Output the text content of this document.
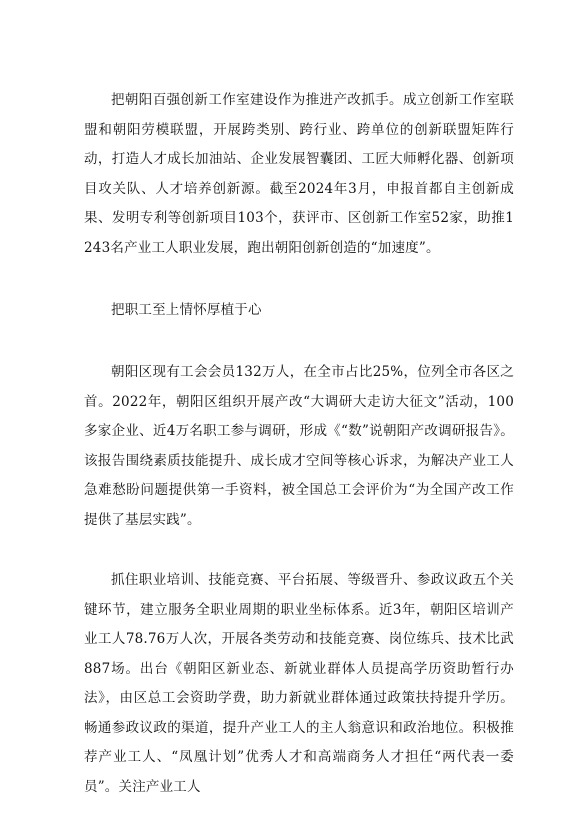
把朝阳百强创新工作室建设作为推进产改抓手。成立创新工作室联盟和朝阳劳模联盟，开展跨类别、跨行业、跨单位的创新联盟矩阵行动，打造人才成长加油站、企业发展智囊团、工匠大师孵化器、创新项目攻关队、人才培养创新源。截至2024年3月，申报首都自主创新成果、发明专利等创新项目103个，获评市、区创新工作室52家，助推1243名产业工人职业发展，跑出朝阳创新创造的“加速度”。

把职工至上情怀厚植于心

朝阳区现有工会会员132万人，在全市占比25%，位列全市各区之首。2022年，朝阳区组织开展产改“大调研大走访大征文”活动，100多家企业、近4万名职工参与调研，形成《“数”说朝阳产改调研报告》。该报告围绕素质技能提升、成长成才空间等核心诉求，为解决产业工人急难愁盼问题提供第一手资料，被全国总工会评价为“为全国产改工作提供了基层实践”。

抓住职业培训、技能竞赛、平台拓展、等级晋升、参政议政五个关键环节，建立服务全职业周期的职业坐标体系。近3年，朝阳区培训产业工人78.76万人次，开展各类劳动和技能竞赛、岗位练兵、技术比武887场。出台《朝阳区新业态、新就业群体人员提高学历资助暂行办法》，由区总工会资助学费，助力新就业群体通过政策扶持提升学历。畅通参政议政的渠道，提升产业工人的主人翁意识和政治地位。积极推荐产业工人、“凤凰计划”优秀人才和高端商务人才担任“两代表一委员”。关注产业工人
